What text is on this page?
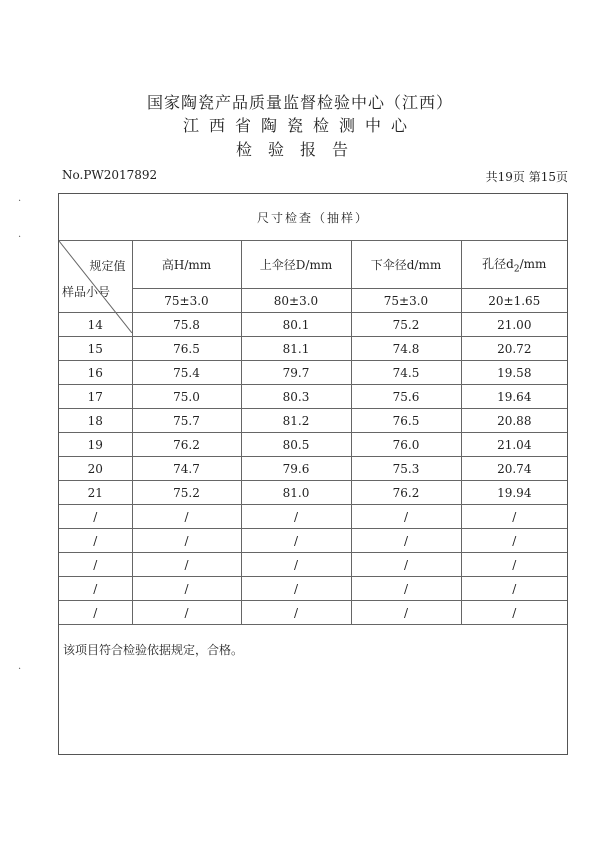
国家陶瓷产品质量监督检验中心（江西）
江西省陶瓷检测中心
检验报告
No.PW2017892	共19页 第15页
·
·
·
尺寸检查（抽样）				

规定值
样品小号	高H/mm	上伞径D/mm	下伞径d/mm	孔径$d_2/mm$
	75±3.0	80±3.0	75±3.0	20±1.65
14	75.8	80.1	75.2	21.00
15	76.5	81.1	74.8	20.72
16	75.4	79.7	74.5	19.58
17	75.0	80.3	75.6	19.64
18	75.7	81.2	76.5	20.88
19	76.2	80.5	76.0	21.04
20	74.7	79.6	75.3	20.74
21	75.2	81.0	76.2	19.94
/	/	/	/	/
/	/	/	/	/
/	/	/	/	/
/	/	/	/	/
/	/	/	/	/
该项目符合检验依据规定，合格。
